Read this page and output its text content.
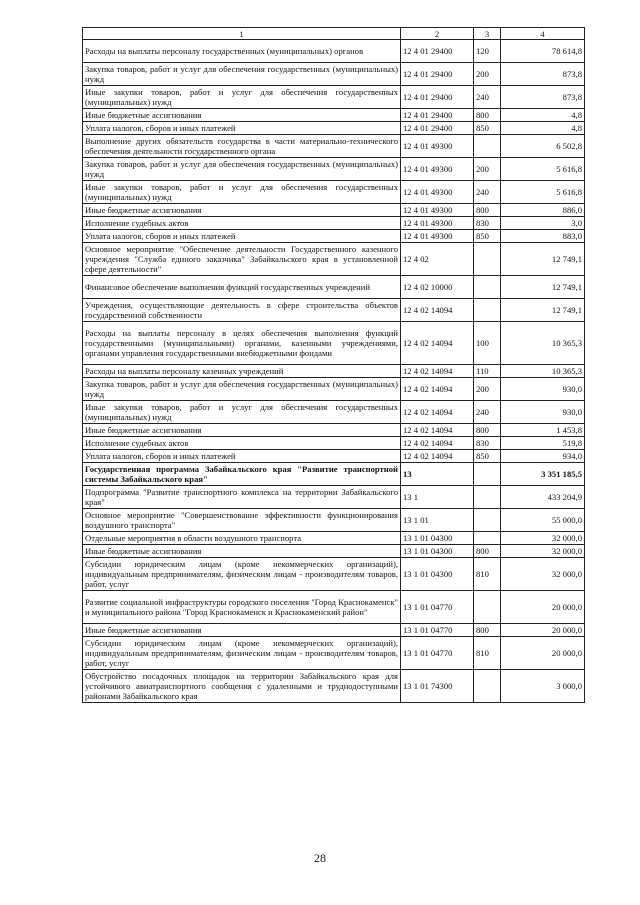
1	2	3	4
Расходы на выплаты персоналу государственных (муниципальных) органов	12 4 01 29400	120	78 614,8
Закупка товаров, работ и услуг для обеспечения государственных (муниципальных) нужд	12 4 01 29400	200	873,8
Иные закупки товаров, работ и услуг для обеспечения государственных (муниципальных) нужд	12 4 01 29400	240	873,8
Иные бюджетные ассигнования	12 4 01 29400	800	4,8
Уплата налогов, сборов и иных платежей	12 4 01 29400	850	4,8
Выполнение других обязательств государства в части материально-технического обеспечения деятельности государственного органа	12 4 01 49300		6 502,8
Закупка товаров, работ и услуг для обеспечения государственных (муниципальных) нужд	12 4 01 49300	200	5 616,8
Иные закупки товаров, работ и услуг для обеспечения государственных (муниципальных) нужд	12 4 01 49300	240	5 616,8
Иные бюджетные ассигнования	12 4 01 49300	800	886,0
Исполнение судебных актов	12 4 01 49300	830	3,0
Уплата налогов, сборов и иных платежей	12 4 01 49300	850	883,0
Основное мероприятие "Обеспечение деятельности Государственного казенного учреждения "Служба единого заказчика" Забайкальского края в установленной сфере деятельности"	12 4 02		12 749,1
Финансовое обеспечение выполнения функций государственных учреждений	12 4 02 10000		12 749,1
Учреждения, осуществляющие деятельность в сфере строительства объектов государственной собственности	12 4 02 14094		12 749,1
Расходы на выплаты персоналу в целях обеспечения выполнения функций государственными (муниципальными) органами, казенными учреждениями, органами управления государственными внебюджетными фондами	12 4 02 14094	100	10 365,3
Расходы на выплаты персоналу казенных учреждений	12 4 02 14094	110	10 365,3
Закупка товаров, работ и услуг для обеспечения государственных (муниципальных) нужд	12 4 02 14094	200	930,0
Иные закупки товаров, работ и услуг для обеспечения государственных (муниципальных) нужд	12 4 02 14094	240	930,0
Иные бюджетные ассигнования	12 4 02 14094	800	1 453,8
Исполнение судебных актов	12 4 02 14094	830	519,8
Уплата налогов, сборов и иных платежей	12 4 02 14094	850	934,0
Государственная программа Забайкальского края "Развитие транспортной системы Забайкальского края"	13		3 351 185,5
Подпрограмма "Развитие транспортного комплекса на территории Забайкальского края"	13 1		433 204,9
Основное мероприятие "Совершенствование эффективности функционирования воздушного транспорта"	13 1 01		55 000,0
Отдельные мероприятия в области воздушного транспорта	13 1 01 04300		32 000,0
Иные бюджетные ассигнования	13 1 01 04300	800	32 000,0
Субсидии юридическим лицам (кроме некоммерческих организаций), индивидуальным предпринимателям, физическим лицам - производителям товаров, работ, услуг	13 1 01 04300	810	32 000,0
Развитие социальной инфраструктуры городского поселения "Город Краснокаменск" и муниципального района "Город Краснокаменск и Краснокаменский район"	13 1 01 04770		20 000,0
Иные бюджетные ассигнования	13 1 01 04770	800	20 000,0
Субсидии юридическим лицам (кроме некоммерческих организаций), индивидуальным предпринимателям, физическим лицам - производителям товаров, работ, услуг	13 1 01 04770	810	20 000,0
Обустройство посадочных площадок на территории Забайкальского края для устойчивого авиатранспортного сообщения с удаленными и труднодоступными районами Забайкальского края	13 1 01 74300		3 000,0
28
